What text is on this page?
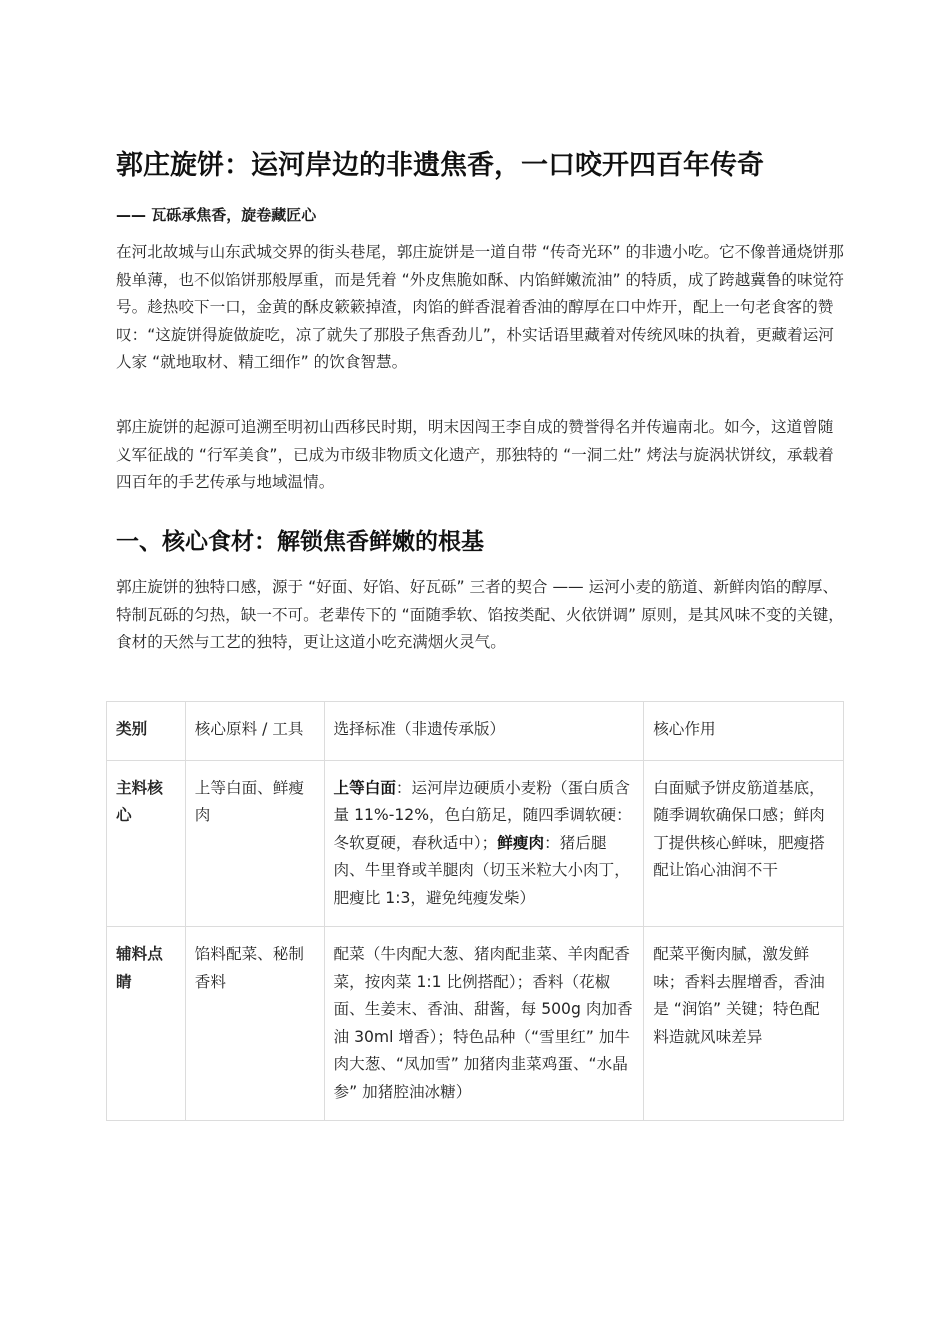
郭庄旋饼：运河岸边的非遗焦香，一口咬开四百年传奇

—— 瓦砾承焦香，旋卷藏匠心

在河北故城与山东武城交界的街头巷尾，郭庄旋饼是一道自带 “传奇光环” 的非遗小吃。它不像普通烧饼那般单薄，也不似馅饼那般厚重，而是凭着 “外皮焦脆如酥、内馅鲜嫩流油” 的特质，成了跨越冀鲁的味觉符号。趁热咬下一口，金黄的酥皮簌簌掉渣，肉馅的鲜香混着香油的醇厚在口中炸开，配上一句老食客的赞叹：“这旋饼得旋做旋吃，凉了就失了那股子焦香劲儿”，朴实话语里藏着对传统风味的执着，更藏着运河人家 “就地取材、精工细作” 的饮食智慧。

郭庄旋饼的起源可追溯至明初山西移民时期，明末因闯王李自成的赞誉得名并传遍南北。如今，这道曾随义军征战的 “行军美食”，已成为市级非物质文化遗产，那独特的 “一洞二灶” 烤法与旋涡状饼纹，承载着四百年的手艺传承与地域温情。

一、核心食材：解锁焦香鲜嫩的根基

郭庄旋饼的独特口感，源于 “好面、好馅、好瓦砾” 三者的契合 —— 运河小麦的筋道、新鲜肉馅的醇厚、特制瓦砾的匀热，缺一不可。老辈传下的 “面随季软、馅按类配、火依饼调” 原则，是其风味不变的关键，食材的天然与工艺的独特，更让这道小吃充满烟火灵气。

类别	核心原料 / 工具	选择标准（非遗传承版）	核心作用
主料核心	上等白面、鲜瘦肉	上等白面：运河岸边硬质小麦粉（蛋白质含量 11%-12%，色白筋足，随四季调软硬：冬软夏硬，春秋适中）；鲜瘦肉：猪后腿肉、牛里脊或羊腿肉（切玉米粒大小肉丁，肥瘦比 1:3，避免纯瘦发柴）	白面赋予饼皮筋道基底，随季调软确保口感；鲜肉丁提供核心鲜味，肥瘦搭配让馅心油润不干
辅料点睛	馅料配菜、秘制香料	配菜（牛肉配大葱、猪肉配韭菜、羊肉配香菜，按肉菜 1:1 比例搭配）；香料（花椒面、生姜末、香油、甜酱，每 500g 肉加香油 30ml 增香）；特色品种（“雪里红” 加牛肉大葱、“凤加雪” 加猪肉韭菜鸡蛋、“水晶参” 加猪腔油冰糖）	配菜平衡肉腻，激发鲜味；香料去腥增香，香油是 “润馅” 关键；特色配料造就风味差异
